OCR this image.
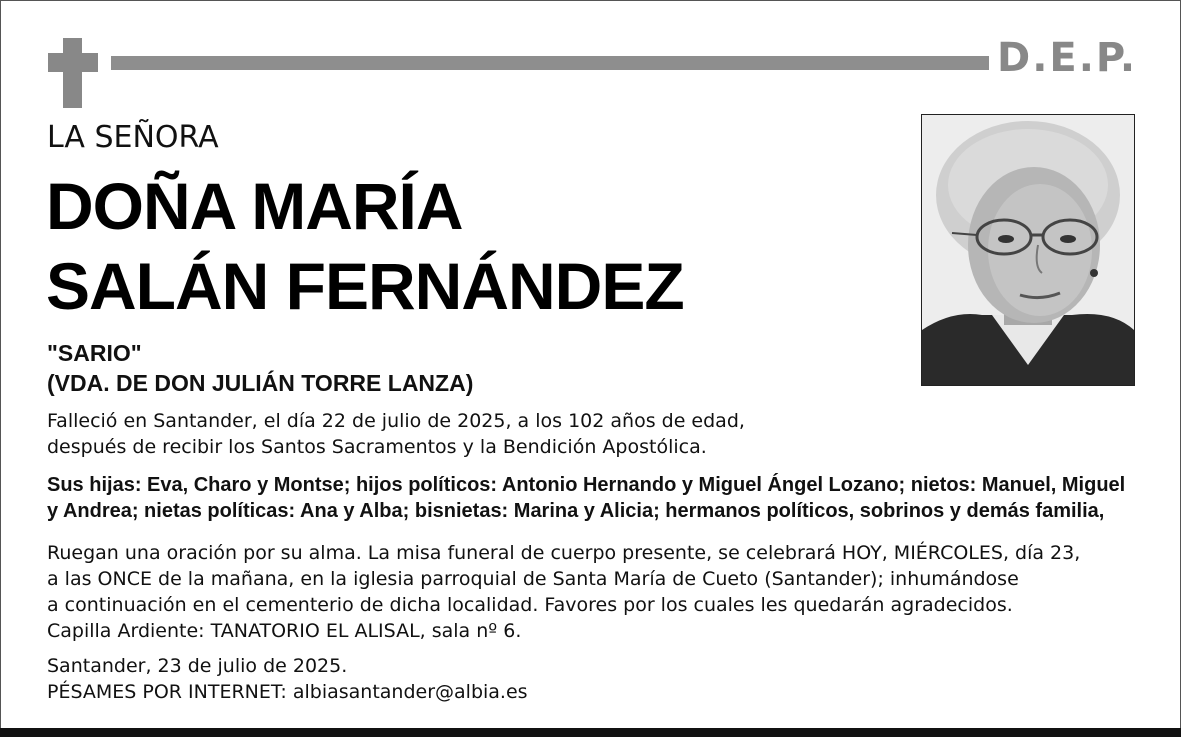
D.E.P.
LA SEÑORA
DOÑA MARÍA
SALÁN FERNÁNDEZ
"SARIO"
(VDA. DE DON JULIÁN TORRE LANZA)
Falleció en Santander, el día 22 de julio de 2025, a los 102 años de edad,
después de recibir los Santos Sacramentos y la Bendición Apostólica.
Sus hijas: Eva, Charo y Montse; hijos políticos: Antonio Hernando y Miguel Ángel Lozano; nietos: Manuel, Miguel
y Andrea; nietas políticas: Ana y Alba; bisnietas: Marina y Alicia; hermanos políticos, sobrinos y demás familia,
Ruegan una oración por su alma. La misa funeral de cuerpo presente, se celebrará HOY, MIÉRCOLES, día 23,
a las ONCE de la mañana, en la iglesia parroquial de Santa María de Cueto (Santander); inhumándose
a continuación en el cementerio de dicha localidad. Favores por los cuales les quedarán agradecidos.
Capilla Ardiente: TANATORIO EL ALISAL, sala nº 6.
Santander, 23 de julio de 2025.
PÉSAMES POR INTERNET: albiasantander@albia.es
